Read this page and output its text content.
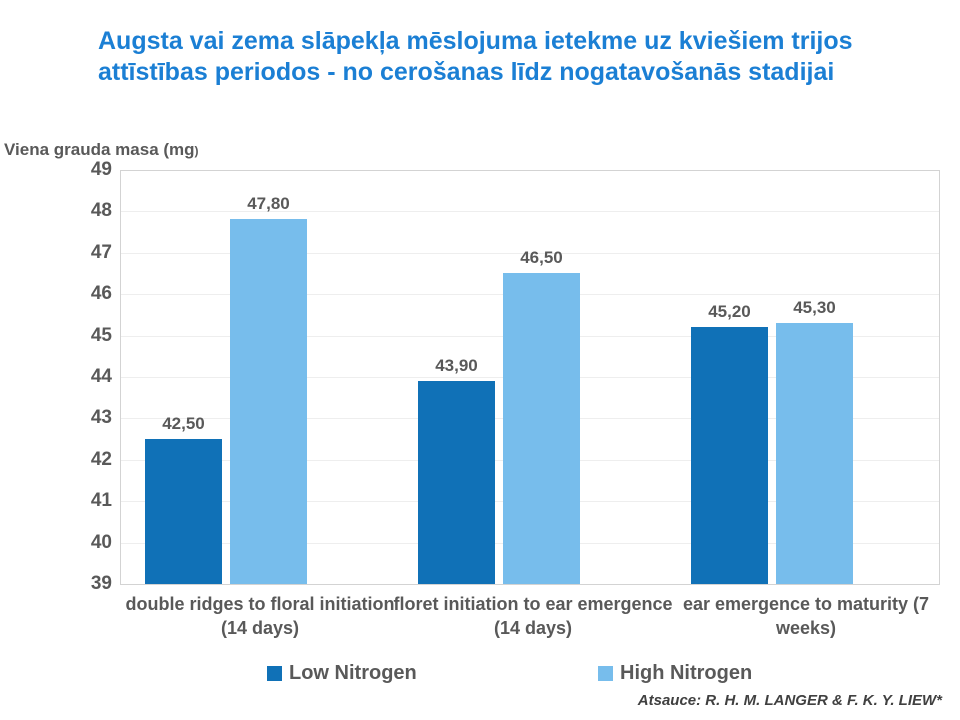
Augsta vai zema slāpekļa mēslojuma ietekme uz kviešiem trijos attīstības periodos - no cerošanas līdz nogatavošanās stadijai
Viena grauda masa (mg)
49
48
47
46
45
44
43
42
41
40
39
42,50
47,80
43,90
46,50
45,20	45,30
double ridges to floral initiation (14 days)
floret initiation to ear emergence (14 days)
ear emergence to maturity (7 weeks)
Low Nitrogen	High Nitrogen
Atsauce: R. H. M. LANGER & F. K. Y. LIEW*
